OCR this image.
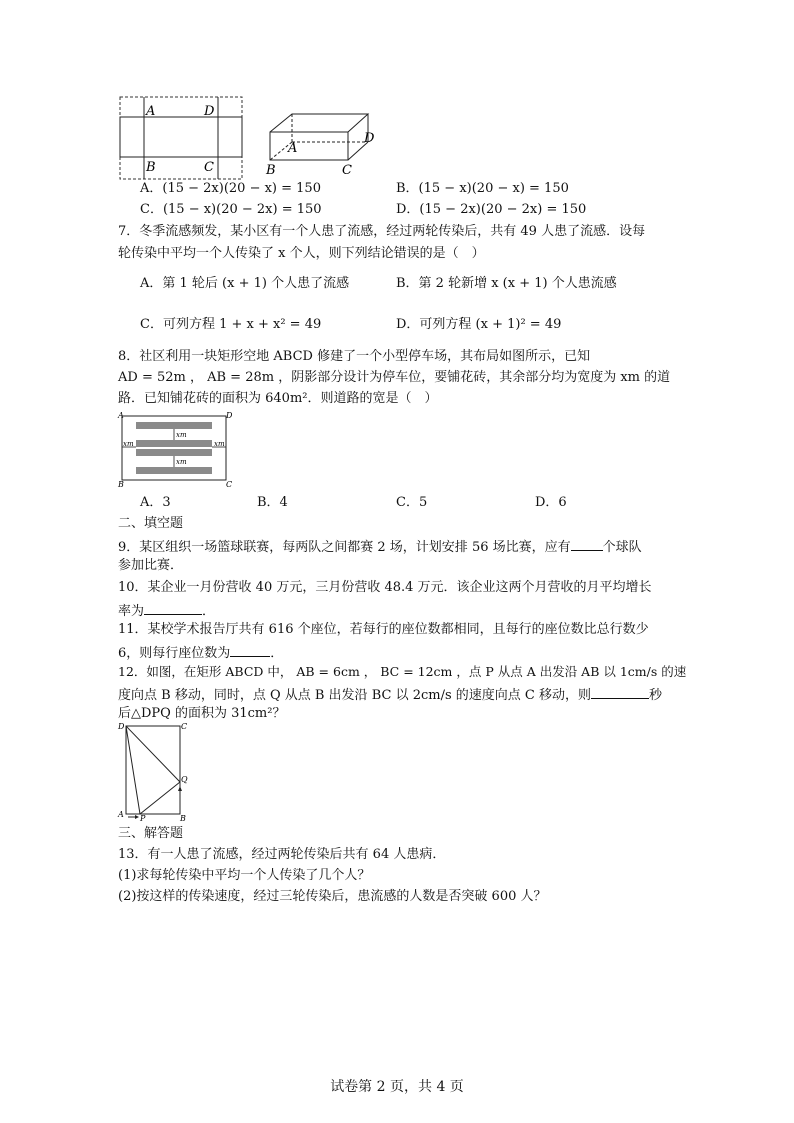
A	D
B	C
A
D
B	C
A．(15 − 2x)(20 − x) = 150	B．(15 − x)(20 − x) = 150
C．(15 − x)(20 − 2x) = 150	D．(15 − 2x)(20 − 2x) = 150
7．冬季流感频发，某小区有一个人患了流感，经过两轮传染后，共有 49 人患了流感．设每
轮传染中平均一个人传染了 x 个人，则下列结论错误的是（　）
A．第 1 轮后 (x + 1) 个人患了流感	B．第 2 轮新增 x (x + 1) 个人患流感
C．可列方程 1 + x + x² = 49	D．可列方程 (x + 1)² = 49
8．社区利用一块矩形空地 ABCD 修建了一个小型停车场，其布局如图所示，已知
AD = 52m ， AB = 28m ，阴影部分设计为停车位，要铺花砖，其余部分均为宽度为 xm 的道
路．已知铺花砖的面积为 640m²．则道路的宽是（　）
xm
xm	xm
xm
A	D
B	C
A．3	B．4	C．5	D．6
二、填空题
9．某区组织一场篮球联赛，每两队之间都赛 2 场，计划安排 56 场比赛，应有 个球队
参加比赛．
10．某企业一月份营收 40 万元，三月份营收 48.4 万元．该企业这两个月营收的月平均增长
率为	．
11．某校学术报告厅共有 616 个座位，若每行的座位数都相同，且每行的座位数比总行数少
6，则每行座位数为	．
12．如图，在矩形 ABCD 中， AB = 6cm ， BC = 12cm ，点 P 从点 A 出发沿 AB 以 1cm/s 的速
度向点 B 移动，同时，点 Q 从点 B 出发沿 BC 以 2cm/s 的速度向点 C 移动，则	秒
后△DPQ 的面积为 31cm²？
D	C
Q
A P	B
三、解答题
13．有一人患了流感，经过两轮传染后共有 64 人患病．
(1)求每轮传染中平均一个人传染了几个人？
(2)按这样的传染速度，经过三轮传染后，患流感的人数是否突破 600 人？
试卷第 2 页，共 4 页
